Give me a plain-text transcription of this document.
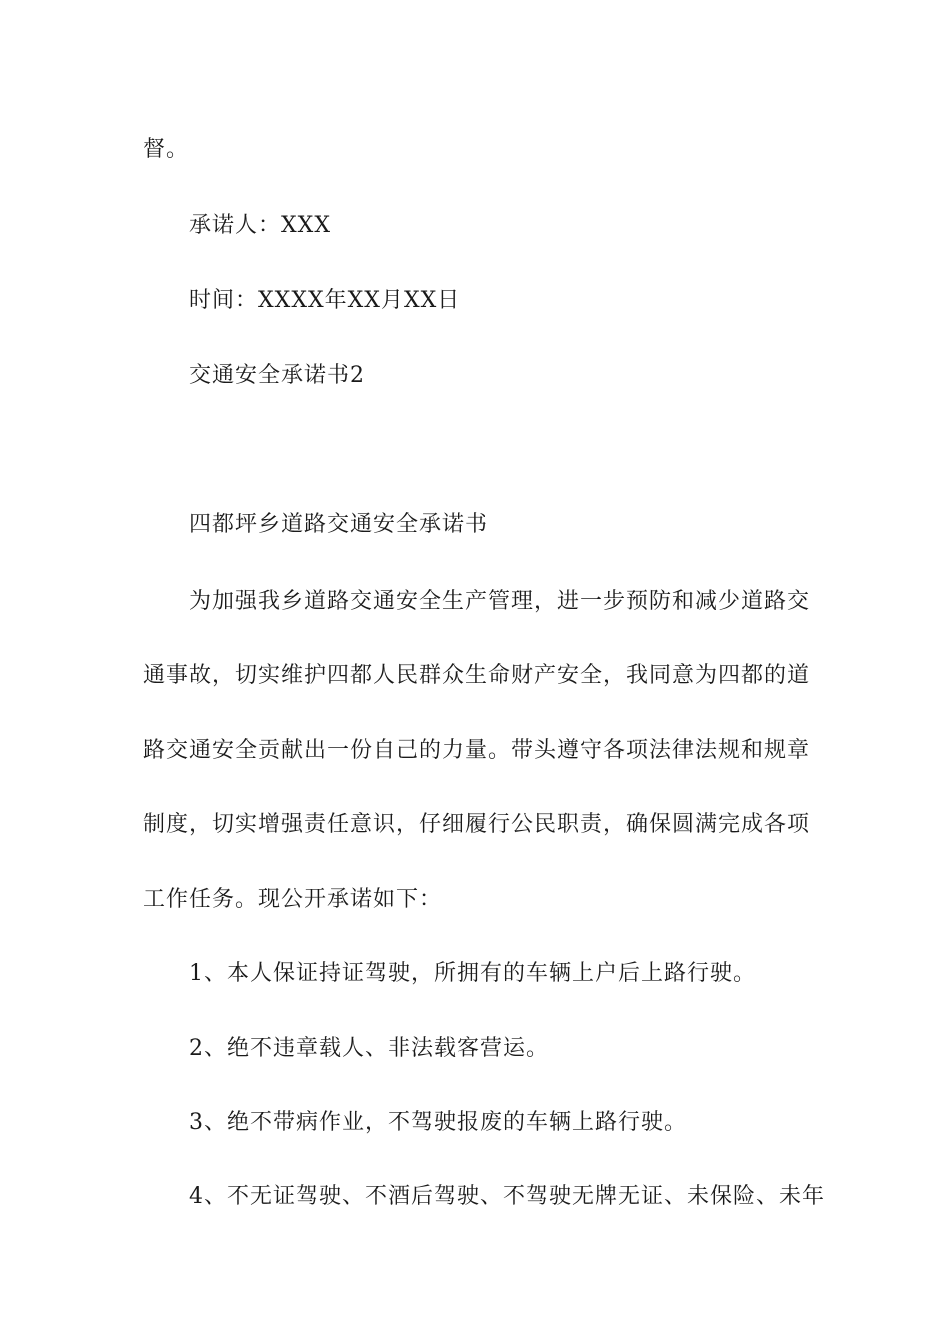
督。
承诺人：XXX
时间：XXXX年XX月XX日
交通安全承诺书2
四都坪乡道路交通安全承诺书
为加强我乡道路交通安全生产管理，进一步预防和减少道路交
通事故，切实维护四都人民群众生命财产安全，我同意为四都的道
路交通安全贡献出一份自己的力量。带头遵守各项法律法规和规章
制度，切实增强责任意识，仔细履行公民职责，确保圆满完成各项
工作任务。现公开承诺如下：
1、本人保证持证驾驶，所拥有的车辆上户后上路行驶。
2、绝不违章载人、非法载客营运。
3、绝不带病作业，不驾驶报废的车辆上路行驶。
4、不无证驾驶、不酒后驾驶、不驾驶无牌无证、未保险、未年
